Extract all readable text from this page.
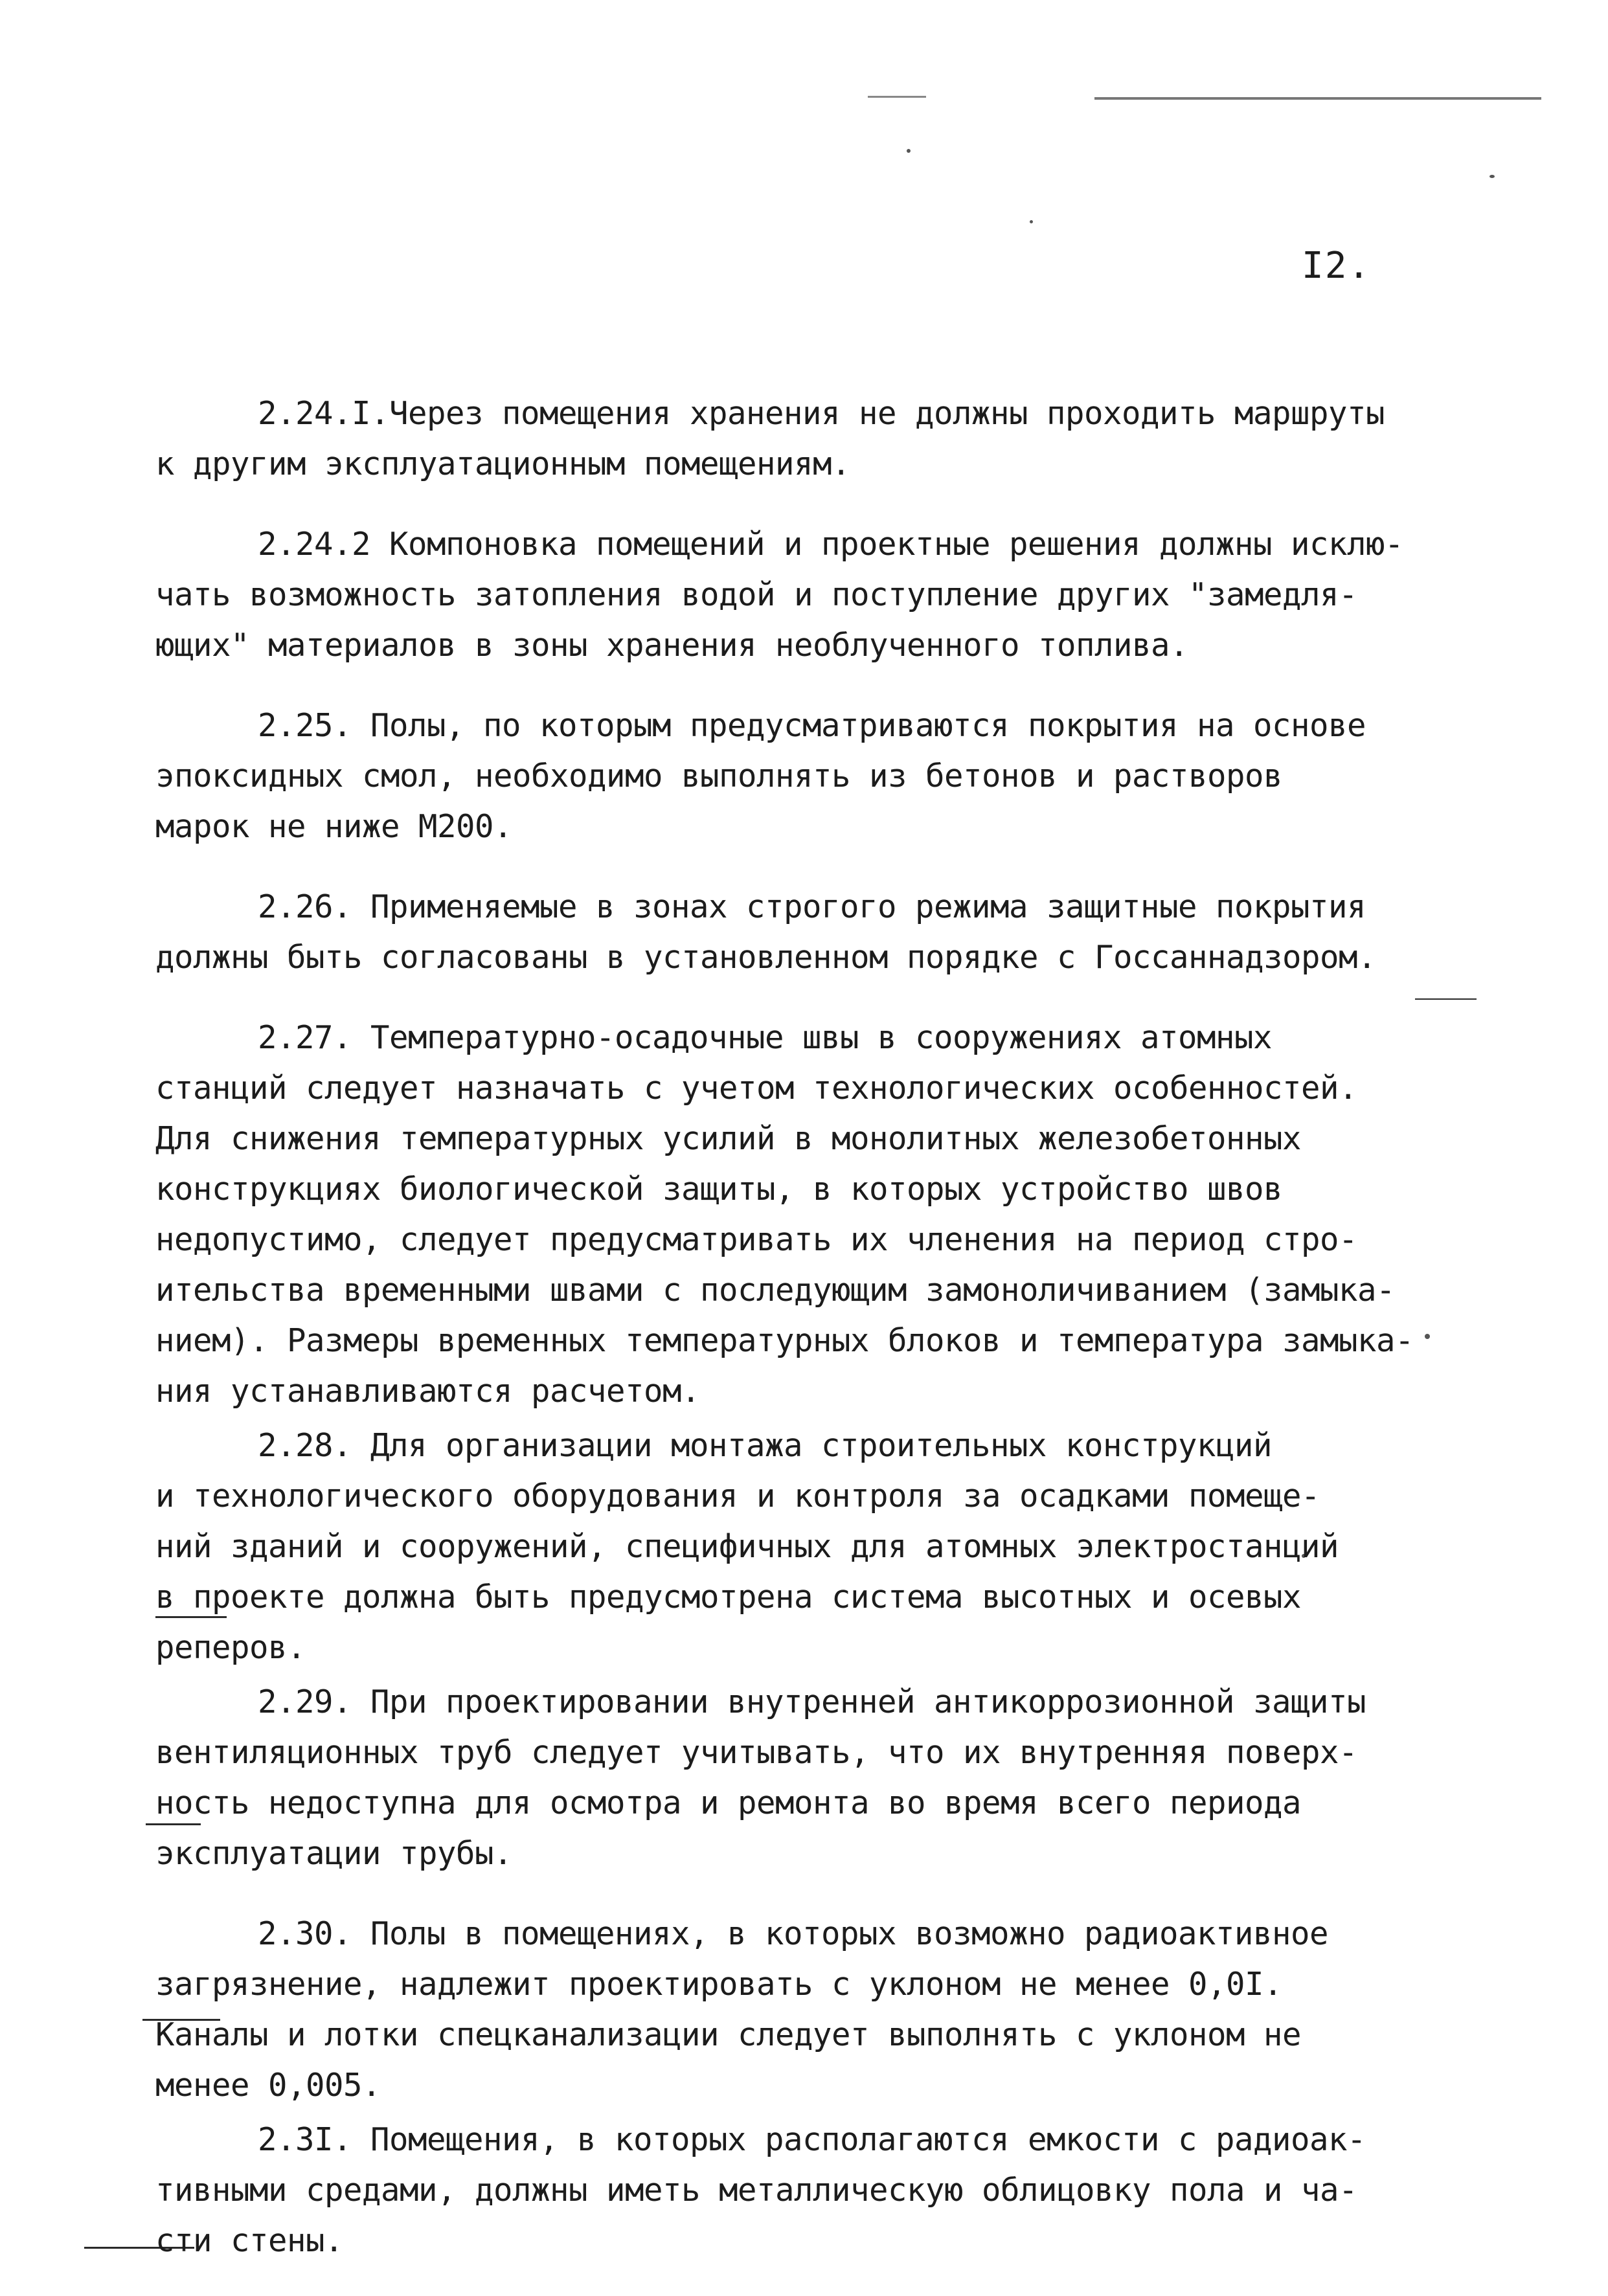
I2.
2.24.I.Через помещения хранения не должны проходить маршруты
к другим эксплуатационным помещениям.
2.24.2 Компоновка помещений и проектные решения должны исклю-
чать возможность затопления водой и поступление других "замедля-
ющих" материалов в зоны хранения необлученного топлива.
2.25. Полы, по которым предусматриваются покрытия на основе
эпоксидных смол, необходимо выполнять из бетонов и растворов
марок не ниже М200.
2.26. Применяемые в зонах строгого режима защитные покрытия
должны быть согласованы в установленном порядке с Госсаннадзором.
2.27. Температурно-осадочные швы в сооружениях атомных
станций следует назначать с учетом технологических особенностей.
Для снижения температурных усилий в монолитных железобетонных
конструкциях биологической защиты, в которых устройство швов
недопустимо, следует предусматривать их членения на период стро-
ительства временными швами с последующим замоноличиванием (замыка-
нием). Размеры временных температурных блоков и температура замыка-
ния устанавливаются расчетом.
2.28. Для организации монтажа строительных конструкций
и технологического оборудования и контроля за осадками помеще-
ний зданий и сооружений, специфичных для атомных электростанций
в проекте должна быть предусмотрена система высотных и осевых
реперов.
2.29. При проектировании внутренней антикоррозионной защиты
вентиляционных труб следует учитывать, что их внутренняя поверх-
ность недоступна для осмотра и ремонта во время всего периода
эксплуатации трубы.
2.30. Полы в помещениях, в которых возможно радиоактивное
загрязнение, надлежит проектировать с уклоном не менее 0,0I.
Каналы и лотки спецканализации следует выполнять с уклоном не
менее 0,005.
2.3I. Помещения, в которых располагаются емкости с радиоак-
тивными средами, должны иметь металлическую облицовку пола и ча-
сти стены.
